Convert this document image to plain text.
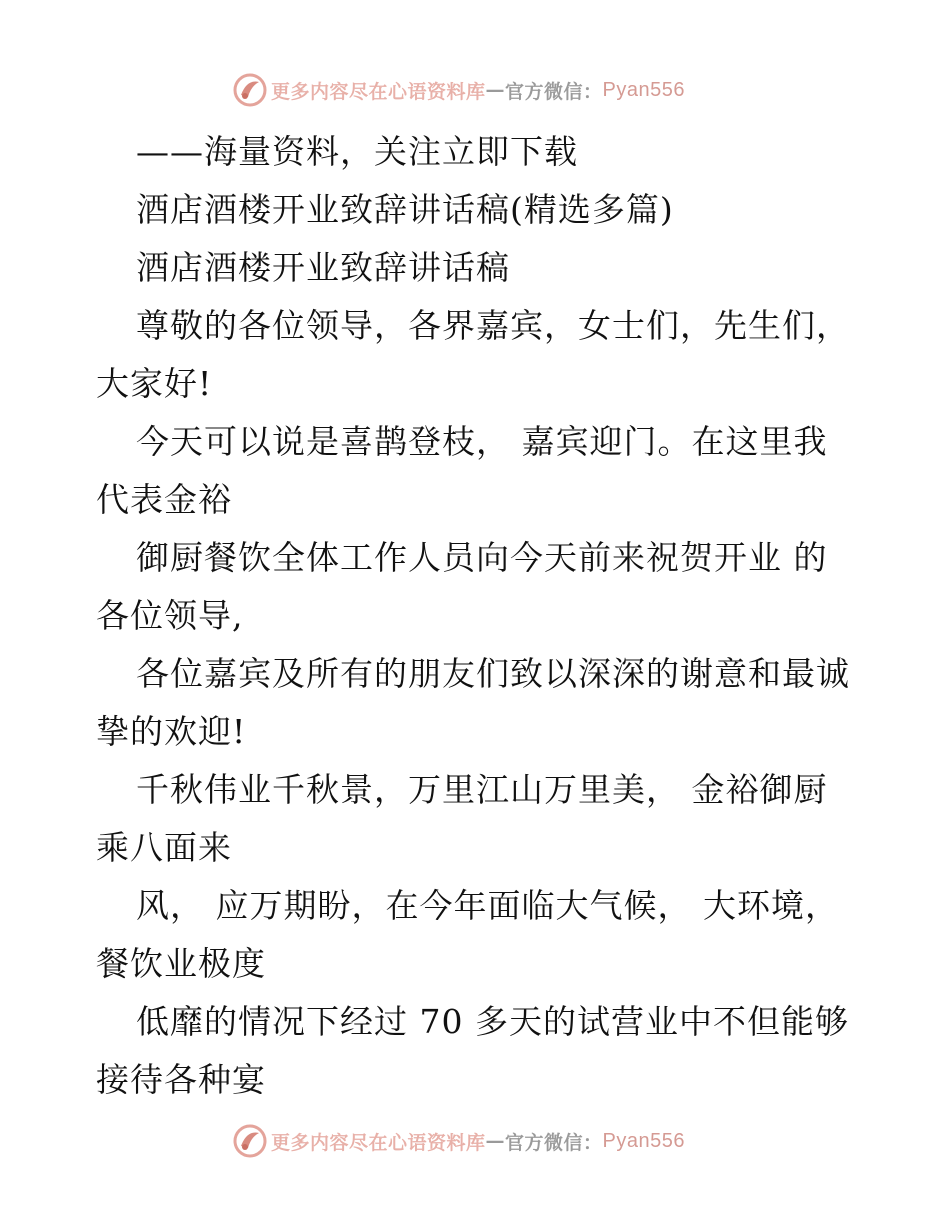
更多内容尽在心语资料库 — 官方微信： Pyan556
——海量资料，关注立即下载
酒店酒楼开业致辞讲话稿(精选多篇)
酒店酒楼开业致辞讲话稿
尊敬的各位领导，各界嘉宾，女士们，先生们，
大家好!
今天可以说是喜鹊登枝， 嘉宾迎门。在这里我
代表金裕
御厨餐饮全体工作人员向今天前来祝贺开业 的
各位领导,
各位嘉宾及所有的朋友们致以深深的谢意和最诚
挚的欢迎!
千秋伟业千秋景，万里江山万里美， 金裕御厨
乘八面来
风， 应万期盼，在今年面临大气候， 大环境，
餐饮业极度
低靡的情况下经过 70 多天的试营业中不但能够
接待各种宴
更多内容尽在心语资料库 — 官方微信： Pyan556
